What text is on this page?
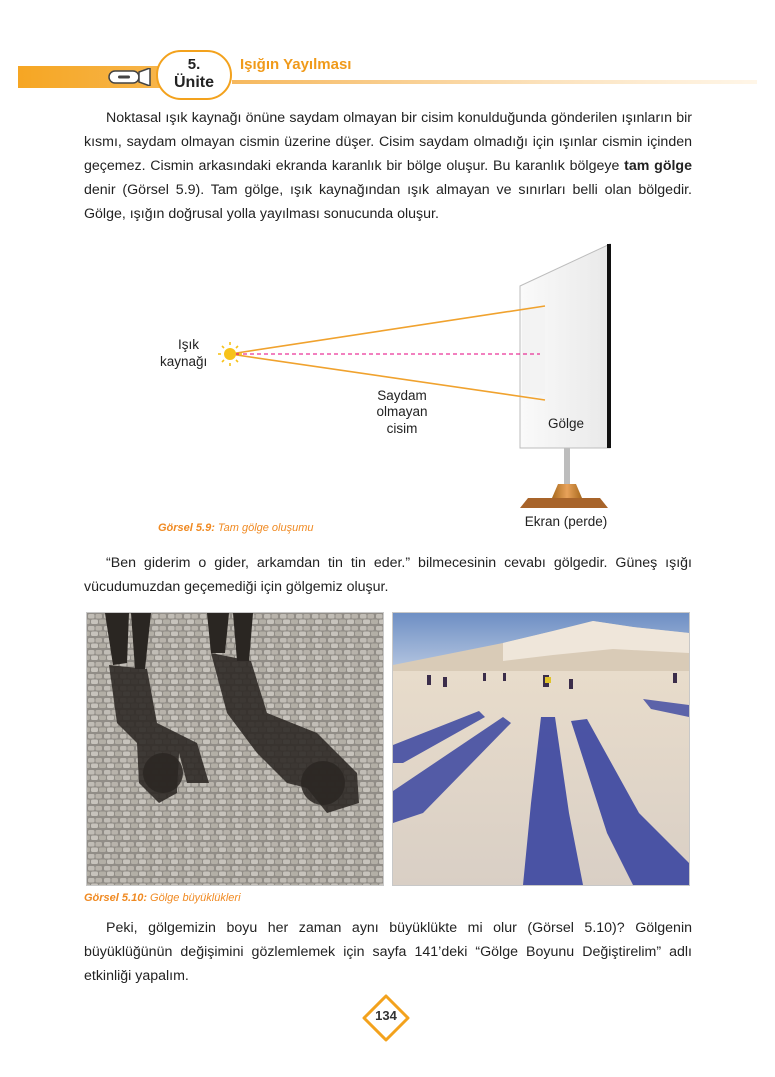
5.
Ünite
Işığın Yayılması
Noktasal ışık kaynağı önüne saydam olmayan bir cisim konulduğunda gönderilen ışınların bir kısmı, saydam olmayan cismin üzerine düşer. Cisim saydam olmadığı için ışınlar cismin içinden geçemez. Cismin arkasındaki ekranda karanlık bir bölge oluşur. Bu karanlık bölgeye tam gölge denir (Görsel 5.9). Tam gölge, ışık kaynağından ışık almayan ve sınırları belli olan bölgedir. Gölge, ışığın doğrusal yolla yayılması sonucunda oluşur.
Işık
kaynağı
Saydam
olmayan
cisim	Gölge
Ekran (perde)
Görsel 5.9: Tam gölge oluşumu
“Ben giderim o gider, arkamdan tin tin eder.” bilmecesinin cevabı gölgedir. Güneş ışığı vücudumuzdan geçemediği için gölgemiz oluşur.
Görsel 5.10: Gölge büyüklükleri
Peki, gölgemizin boyu her zaman aynı büyüklükte mi olur (Görsel 5.10)? Gölgenin büyüklüğünün değişimini gözlemlemek için sayfa 141’deki “Gölge Boyunu Değiştirelim” adlı etkinliği yapalım.
134
